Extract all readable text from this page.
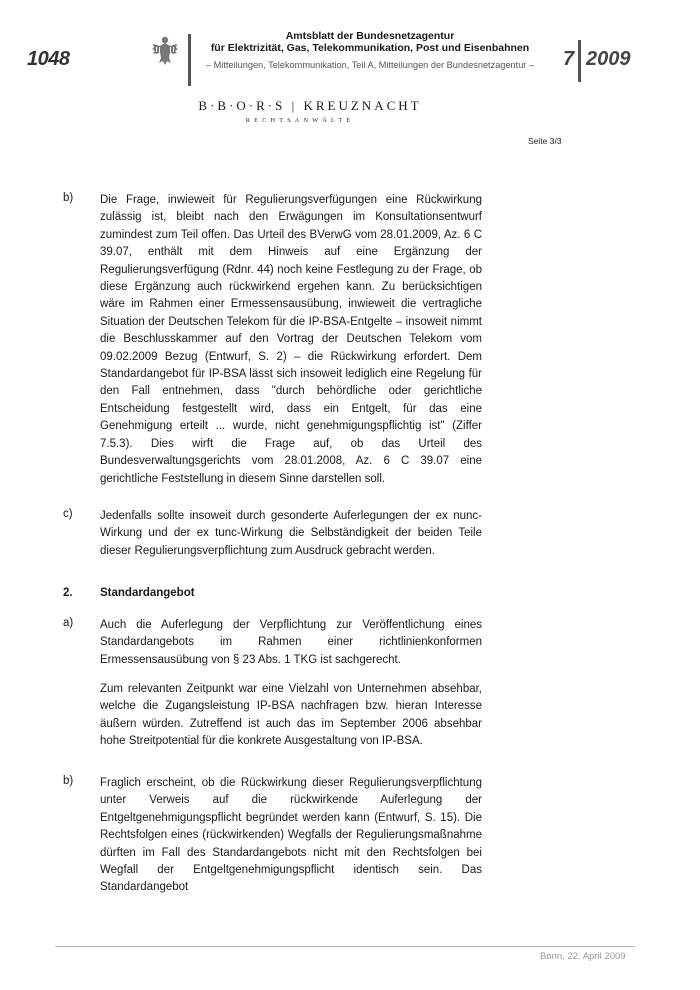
1048
Amtsblatt der Bundesnetzagentur
für Elektrizität, Gas, Telekommunikation, Post und Eisenbahnen
– Mitteilungen, Telekommunikation, Teil A, Mitteilungen der Bundesnetzagentur –	7 2009
B·B·O·R·S | KREUZNACHT
RECHTSANWÄLTE
Seite 3/3
b) Die Frage, inwieweit für Regulierungsverfügungen eine Rückwirkung zulässig ist, bleibt nach den Erwägungen im Konsultationsentwurf zumindest zum Teil offen. Das Urteil des BVerwG vom 28.01.2009, Az. 6 C 39.07, enthält mit dem Hinweis auf eine Ergänzung der Regulierungsverfügung (Rdnr. 44) noch keine Festlegung zu der Frage, ob diese Ergänzung auch rückwirkend ergehen kann. Zu berücksichtigen wäre im Rahmen einer Ermessensausübung, inwieweit die vertragliche Situation der Deutschen Telekom für die IP-BSA-Entgelte – insoweit nimmt die Beschlusskammer auf den Vortrag der Deutschen Telekom vom 09.02.2009 Bezug (Entwurf, S. 2) – die Rückwirkung erfordert. Dem Standardangebot für IP-BSA lässt sich insoweit lediglich eine Regelung für den Fall entnehmen, dass "durch behördliche oder gerichtliche Entscheidung festgestellt wird, dass ein Entgelt, für das eine Genehmigung erteilt ... wurde, nicht genehmigungspflichtig ist" (Ziffer 7.5.3). Dies wirft die Frage auf, ob das Urteil des Bundesverwaltungsgerichts vom 28.01.2008, Az. 6 C 39.07 eine gerichtliche Feststellung in diesem Sinne darstellen soll.
c) Jedenfalls sollte insoweit durch gesonderte Auferlegungen der ex nunc-Wirkung und der ex tunc-Wirkung die Selbständigkeit der beiden Teile dieser Regulierungsverpflichtung zum Ausdruck gebracht werden.
2. Standardangebot
a) Auch die Auferlegung der Verpflichtung zur Veröffentlichung eines Standardangebots im Rahmen einer richtlinienkonformen Ermessensausübung von § 23 Abs. 1 TKG ist sachgerecht.
Zum relevanten Zeitpunkt war eine Vielzahl von Unternehmen absehbar, welche die Zugangsleistung IP-BSA nachfragen bzw. hieran Interesse äußern würden. Zutreffend ist auch das im September 2006 absehbar hohe Streitpotential für die konkrete Ausgestaltung von IP-BSA.
b) Fraglich erscheint, ob die Rückwirkung dieser Regulierungsverpflichtung unter Verweis auf die rückwirkende Auferlegung der Entgeltgenehmigungspflicht begründet werden kann (Entwurf, S. 15). Die Rechtsfolgen eines (rückwirkenden) Wegfalls der Regulierungsmaßnahme dürften im Fall des Standardangebots nicht mit den Rechtsfolgen bei Wegfall der Entgeltgenehmigungspflicht identisch sein. Das Standardangebot
Bonn, 22. April 2009
